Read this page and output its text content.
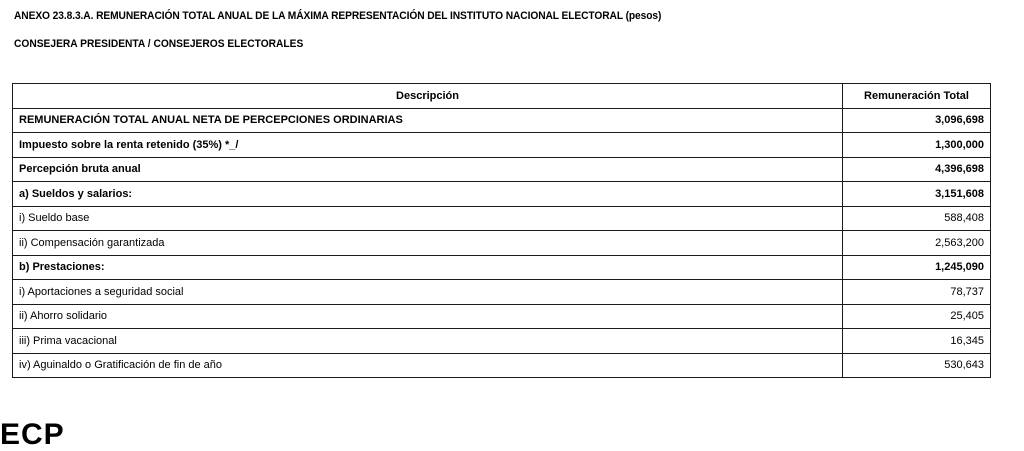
ANEXO 23.8.3.A. REMUNERACIÓN TOTAL ANUAL DE LA MÁXIMA REPRESENTACIÓN DEL INSTITUTO NACIONAL ELECTORAL (pesos)
CONSEJERA PRESIDENTA / CONSEJEROS ELECTORALES
Descripción	Remuneración Total
REMUNERACIÓN TOTAL ANUAL NETA DE PERCEPCIONES ORDINARIAS	3,096,698
Impuesto sobre la renta retenido (35%) *_/	1,300,000
Percepción bruta anual	4,396,698
a) Sueldos y salarios:	3,151,608
i) Sueldo base	588,408
ii) Compensación garantizada	2,563,200
b) Prestaciones:	1,245,090
i) Aportaciones a seguridad social	78,737
ii) Ahorro solidario	25,405
iii) Prima vacacional	16,345
iv) Aguinaldo o Gratificación de fin de año	530,643
ECP
